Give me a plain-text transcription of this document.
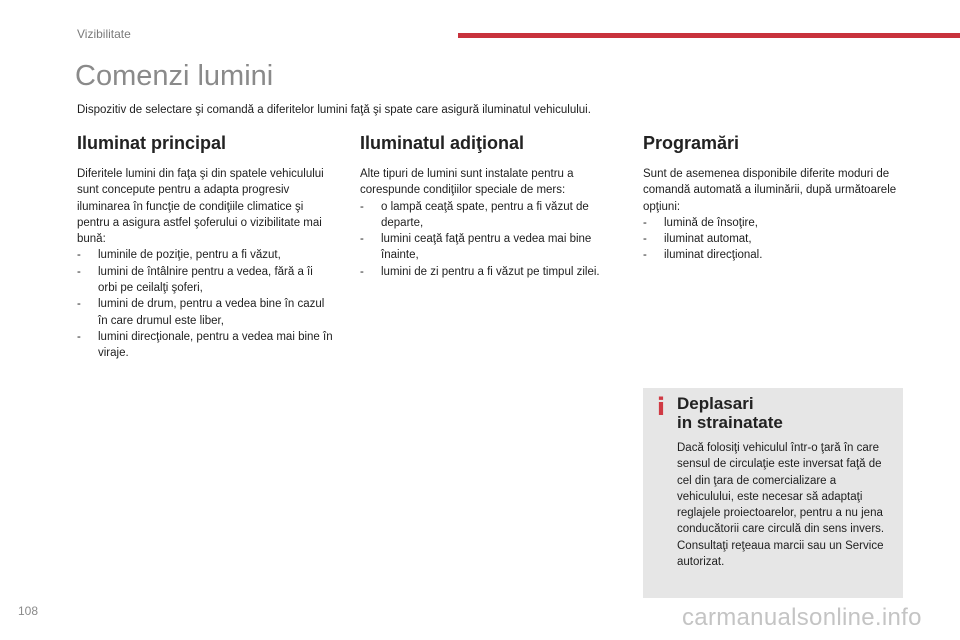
Vizibilitate
Comenzi lumini
Dispozitiv de selectare şi comandă a diferitelor lumini faţă şi spate care asigură iluminatul vehiculului.
Iluminat principal

Diferitele lumini din faţa şi din spatele vehiculului sunt concepute pentru a adapta progresiv iluminarea în funcţie de condiţiile climatice şi pentru a asigura astfel şoferului o vizibilitate mai bună:

- luminile de poziţie, pentru a fi văzut,
- lumini de întâlnire pentru a vedea, fără a îi orbi pe ceilalţi şoferi,
- lumini de drum, pentru a vedea bine în cazul în care drumul este liber,
- lumini direcţionale, pentru a vedea mai bine în viraje.
Iluminatul adiţional

Alte tipuri de lumini sunt instalate pentru a corespunde condiţiilor speciale de mers:

- o lampă ceaţă spate, pentru a fi văzut de departe,
- lumini ceaţă faţă pentru a vedea mai bine înainte,
- lumini de zi pentru a fi văzut pe timpul zilei.
Programări

Sunt de asemenea disponibile diferite moduri de comandă automată a iluminării, după următoarele opţiuni:

- lumină de însoţire,
- iluminat automat,
- iluminat direcţional.
i Deplasari
in strainatate

Dacă folosiţi vehiculul într-o ţară în care sensul de circulaţie este inversat faţă de cel din ţara de comercializare a vehiculului, este necesar să adaptaţi reglajele proiectoarelor, pentru a nu jena conducătorii care circulă din sens invers.
Consultaţi reţeaua marcii sau un Service autorizat.

108	carmanualsonline.info
